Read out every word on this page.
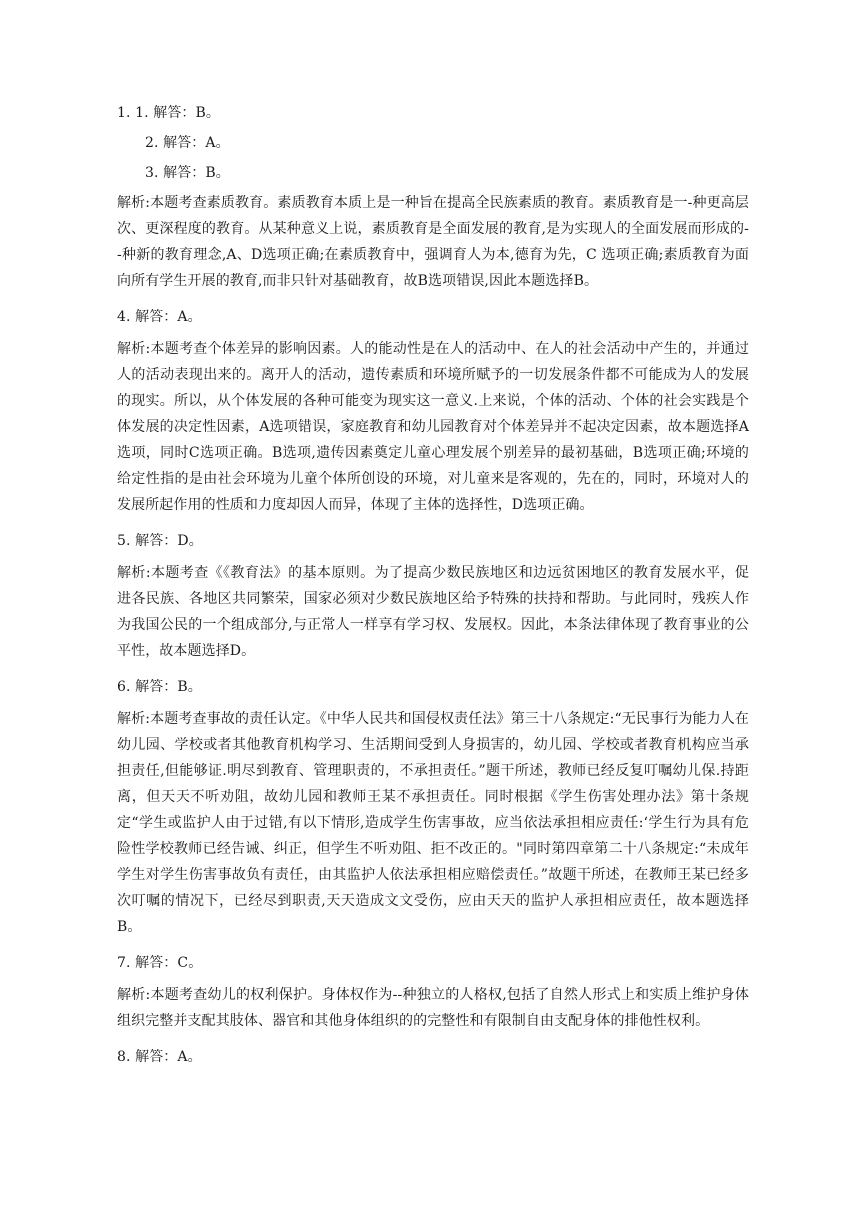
1. 1. 解答：B。

2. 解答：A。

3. 解答：B。

解析:本题考查素质教育。素质教育本质上是一种旨在提高全民族素质的教育。素质教育是一-种更高层次、更深程度的教育。从某种意义上说，素质教育是全面发展的教育,是为实现人的全面发展而形成的--种新的教育理念,A、D选项正确;在素质教育中，强调育人为本,德育为先，C 选项正确;素质教育为面向所有学生开展的教育,而非只针对基础教育，故B选项错误,因此本题选择B。

4. 解答：A。

解析:本题考查个体差异的影响因素。人的能动性是在人的活动中、在人的社会活动中产生的，并通过人的活动表现出来的。离开人的活动，遗传素质和环境所赋予的一切发展条件都不可能成为人的发展的现实。所以，从个体发展的各种可能变为现实这一意义.上来说，个体的活动、个体的社会实践是个体发展的决定性因素，A选项错误，家庭教育和幼儿园教育对个体差异并不起决定因素，故本题选择A选项，同时C选项正确。B选项,遗传因素奠定儿童心理发展个别差异的最初基础，B选项正确;环境的给定性指的是由社会环境为儿童个体所创设的环境，对儿童来是客观的，先在的，同时，环境对人的发展所起作用的性质和力度却因人而异，体现了主体的选择性，D选项正确。

5. 解答：D。

解析:本题考查《《教育法》的基本原则。为了提高少数民族地区和边远贫困地区的教育发展水平，促进各民族、各地区共同繁荣，国家必须对少数民族地区给予特殊的扶持和帮助。与此同时，残疾人作为我国公民的一个组成部分,与正常人一样享有学习权、发展权。因此，本条法律体现了教育事业的公平性，故本题选择D。

6. 解答：B。

解析:本题考查事故的责任认定。《中华人民共和国侵权责任法》第三十八条规定:“无民事行为能力人在幼儿园、学校或者其他教育机构学习、生活期间受到人身损害的，幼儿园、学校或者教育机构应当承担责任,但能够证.明尽到教育、管理职责的，不承担责任。”题干所述，教师已经反复叮嘱幼儿保.持距离，但天天不听劝阻，故幼儿园和教师王某不承担责任。同时根据《学生伤害处理办法》第十条规定“学生或监护人由于过错,有以下情形,造成学生伤害事故，应当依法承担相应责任:‘学生行为具有危险性学校教师已经告诫、纠正，但学生不听劝阻、拒不改正的。"同时第四章第二十八条规定:“未成年学生对学生伤害事故负有责任，由其监护人依法承担相应赔偿责任。”故题干所述，在教师王某已经多次叮嘱的情况下，已经尽到职责,天天造成文文受伤，应由天天的监护人承担相应责任，故本题选择B。

7. 解答：C。

解析:本题考查幼儿的权利保护。身体权作为--种独立的人格权,包括了自然人形式上和实质上维护身体组织完整并支配其肢体、器官和其他身体组织的的完整性和有限制自由支配身体的排他性权利。

8. 解答：A。
